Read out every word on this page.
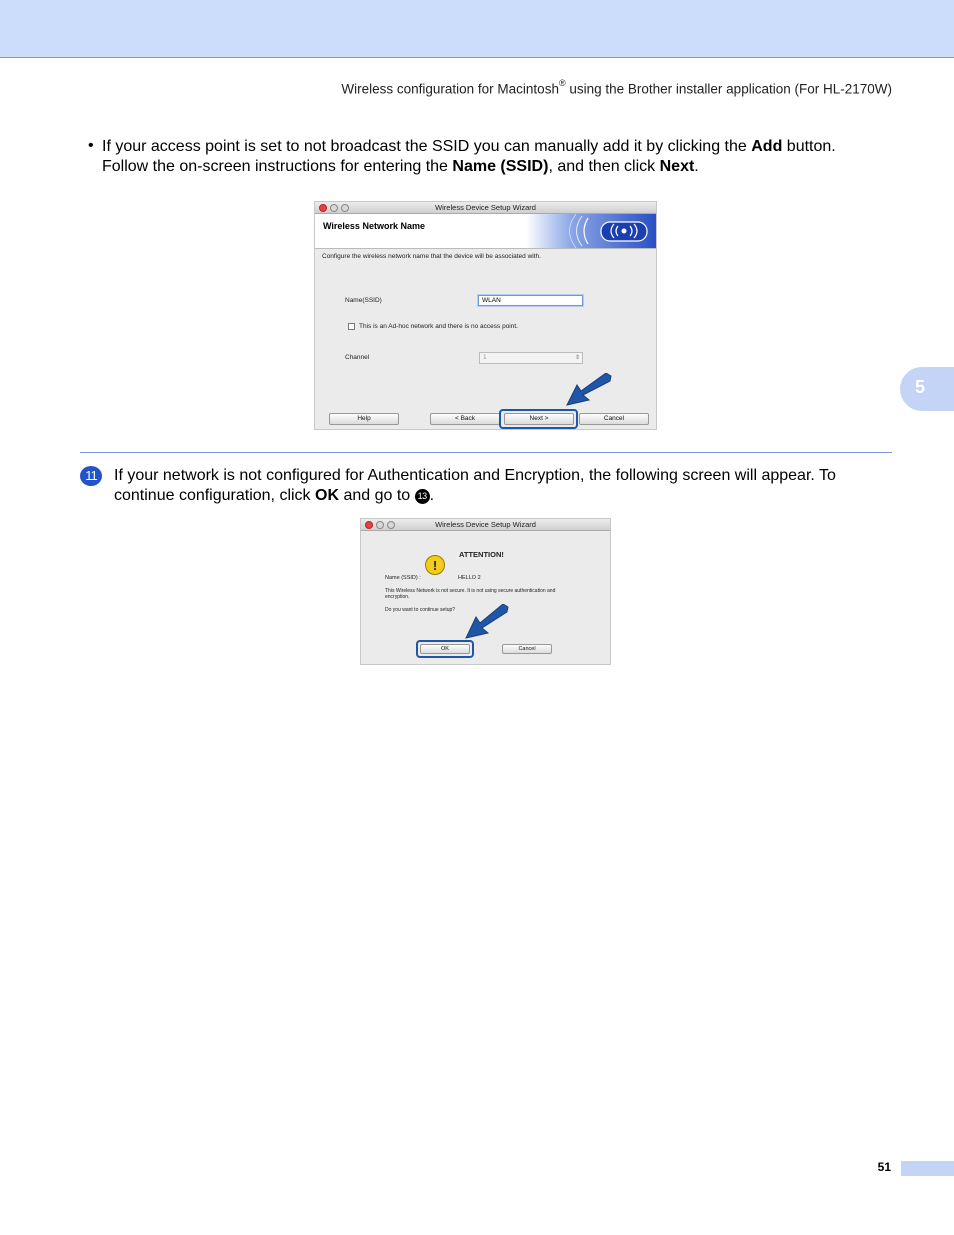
Wireless configuration for Macintosh® using the Brother installer application (For HL-2170W)
5
• If your access point is set to not broadcast the SSID you can manually add it by clicking the Add button.
Follow the on-screen instructions for entering the Name (SSID), and then click Next.
Wireless Device Setup Wizard
Wireless Network Name
Configure the wireless network name that the device will be associated with.
Name(SSID)	WLAN
This is an Ad-hoc network and there is no access point.
Channel	1	⇕
Help	< Back	Next >	Cancel
11	If your network is not configured for Authentication and Encryption, the following screen will appear. To
continue configuration, click OK and go to 13 .
Wireless Device Setup Wizard
!
ATTENTION!
Name (SSID) :	HELLO 2
This Wireless Network is not secure. It is not using secure authentication and
encryption.
Do you want to continue setup?
OK	Cancel
51
